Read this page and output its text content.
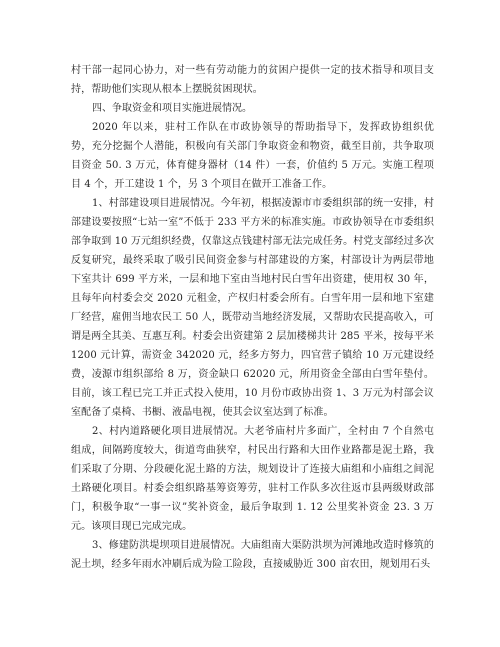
村干部一起同心协力，对一些有劳动能力的贫困户提供一定的技术指导和项目支持，帮助他们实现从根本上摆脱贫困现状。

四、争取资金和项目实施进展情况。

2020 年以来，驻村工作队在市政协领导的帮助指导下，发挥政协组织优势，充分挖掘个人潜能，积极向有关部门争取资金和物资，截至目前，共争取项目资金 50. 3 万元，体育健身器材（14 件）一套，价值约 5 万元。实施工程项目 4 个，开工建设 1 个，另 3 个项目在做开工准备工作。

1、村部建设项目进展情况。今年初，根据凌源市市委组织部的统一安排，村部建设要按照“七站一室”不低于 233 平方米的标准实施。市政协领导在市委组织部争取到 10 万元组织经费，仅靠这点钱建村部无法完成任务。村党支部经过多次反复研究，最终采取了吸引民间资金参与村部建设的方案，村部设计为两层带地下室共计 699 平方米，一层和地下室由当地村民白雪年出资建，使用权 30 年，且每年向村委会交 2020 元租金，产权归村委会所有。白雪年用一层和地下室建厂经营，雇佣当地农民工 50 人，既带动当地经济发展，又帮助农民提高收入，可谓是两全其美、互惠互利。村委会出资建第 2 层加楼梯共计 285 平米，按每平米 1200 元计算，需资金 342020 元，经多方努力，四官营子镇给 10 万元建设经费，凌源市组织部给 8 万，资金缺口 62020 元，所用资金全部由白雪年垫付。目前，该工程已完工并正式投入使用，10 月份市政协出资 1、3 万元为村部会议室配备了桌椅、书橱、液晶电视，使其会议室达到了标准。

2、村内道路硬化项目进展情况。大老爷庙村片多面广，全村由 7 个自然屯组成，间隔跨度较大，街道弯曲狭窄，村民出行路和大田作业路都是泥土路，我们采取了分期、分段硬化泥土路的方法，规划设计了连接大庙组和小庙组之间泥土路硬化项目。村委会组织路基筹资筹劳，驻村工作队多次往返市县两级财政部门，积极争取“一事一议”奖补资金，最后争取到 1. 12 公里奖补资金 23. 3 万元。该项目现已完成完成。

3、修建防洪堤坝项目进展情况。大庙组南大渠防洪坝为河滩地改造时修筑的泥土坝，经多年雨水冲刷后成为险工险段，直接威胁近 300 亩农田，规划用石头
